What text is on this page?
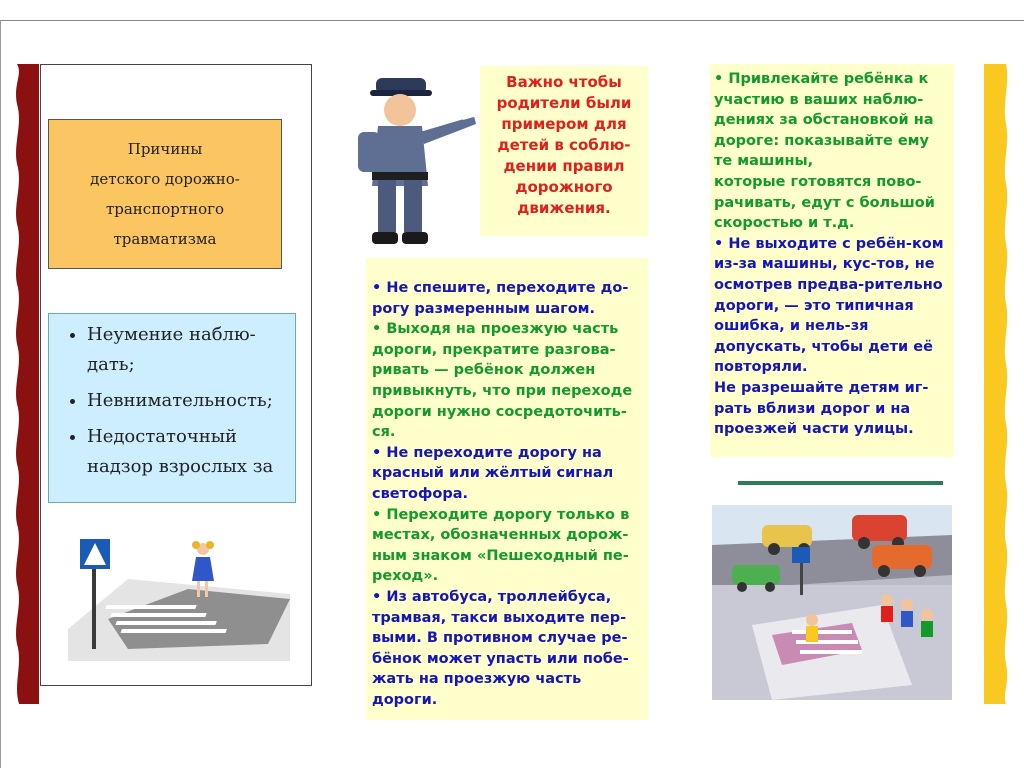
Причины
детского дорожно-
транспортного
травматизма
• Неумение наблю-дать;
• Невнимательность;
• Недостаточный надзор взрослых за
Важно чтобы
родители были
примером для
детей в соблю-
дении правил
дорожного
движения.

• Не спешите, переходите до-рогу размеренным шагом.

• Выходя на проезжую часть дороги, прекратите разгова-ривать — ребёнок должен привыкнуть, что при переходе дороги нужно сосредоточить-ся.

• Не переходите дорогу на красный или жёлтый сигнал светофора.

• Переходите дорогу только в местах, обозначенных дорож-ным знаком «Пешеходный пе-реход».

• Из автобуса, троллейбуса, трамвая, такси выходите пер-выми. В противном случае ре-бёнок может упасть или побе-жать на проезжую часть дороги.

• Привлекайте ребёнка к участию в ваших наблю-дениях за обстановкой на дороге: показывайте ему те машины,

которые готовятся пово-рачивать, едут с большой скоростью и т.д.

• Не выходите с ребён-ком из-за машины, кус-тов, не осмотрев предва-рительно дороги, — это типичная ошибка, и нель-зя допускать, чтобы дети её повторяли.

Не разрешайте детям иг-рать вблизи дорог и на проезжей части улицы.
